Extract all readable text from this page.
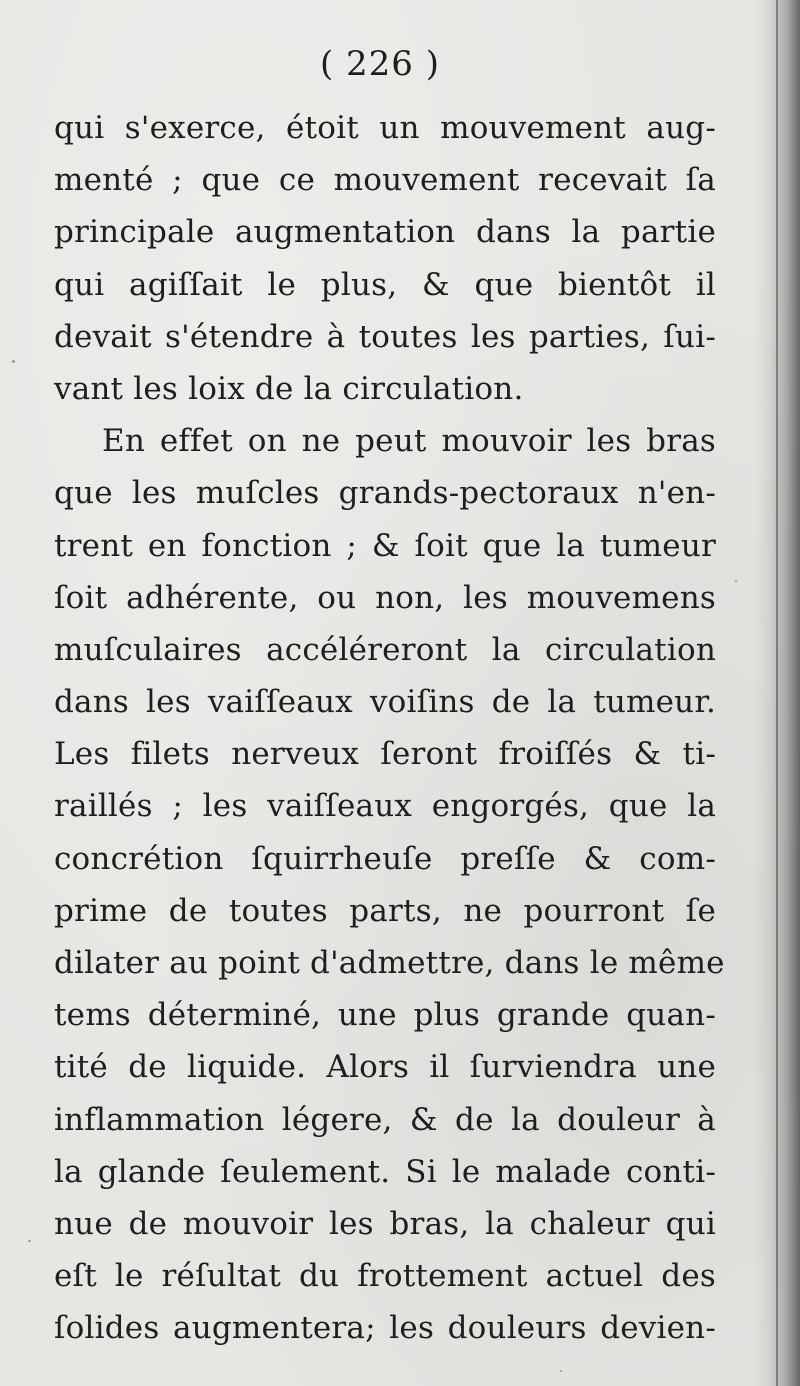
( 226 )
qui s'exerce, étoit un mouvement aug-
menté ; que ce mouvement recevait ſa
principale augmentation dans la partie
qui agiſſait le plus, & que bientôt il
devait s'étendre à toutes les parties, ſui-
vant les loix de la circulation.
En effet on ne peut mouvoir les bras
que les muſcles grands-pectoraux n'en-
trent en fonction ; & ſoit que la tumeur
ſoit adhérente, ou non, les mouvemens
muſculaires accéléreront la circulation
dans les vaiſſeaux voiſins de la tumeur.
Les filets nerveux ſeront froiſſés & ti-
raillés ; les vaiſſeaux engorgés, que la
concrétion ſquirrheuſe preſſe & com-
prime de toutes parts, ne pourront ſe
dilater au point d'admettre, dans le même
tems déterminé, une plus grande quan-
tité de liquide. Alors il ſurviendra une
inflammation légere, & de la douleur à
la glande ſeulement. Si le malade conti-
nue de mouvoir les bras, la chaleur qui
eſt le réſultat du frottement actuel des
ſolides augmentera; les douleurs devien-
